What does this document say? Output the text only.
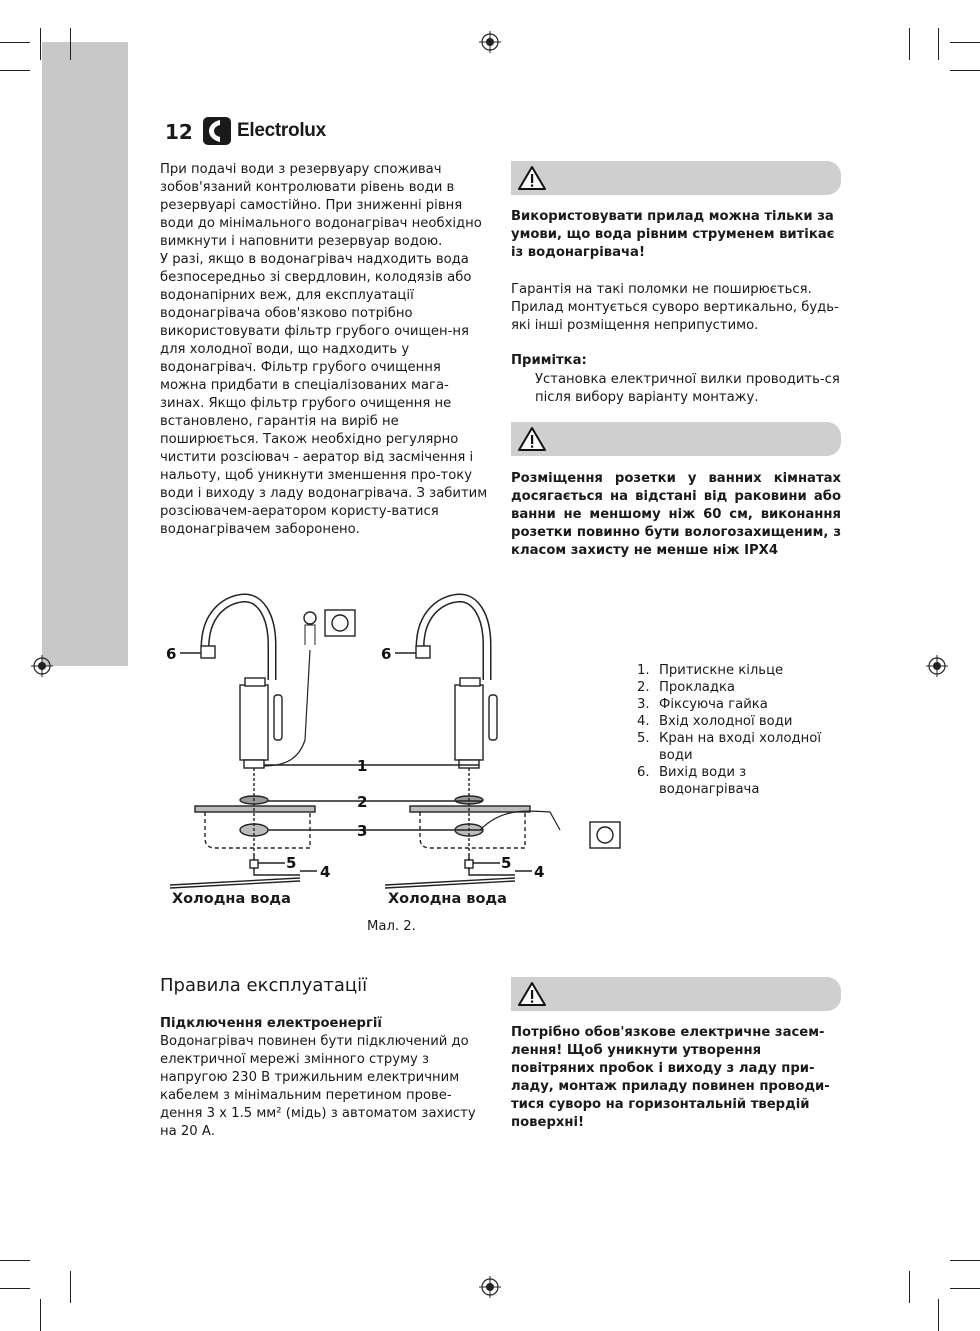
12 Electrolux

При подачі води з резервуару споживач зобов'язаний контролювати рівень води в резервуарі самостійно. При зниженні рівня води до мінімального водонагрівач необхідно вимкнути і наповнити резервуар водою.

У разі, якщо в водонагрівач надходить вода безпосередньо зі свердловин, колодязів або водонапірних веж, для експлуатації водонагрівача обов'язково потрібно використовувати фільтр грубого очищен-ня для холодної води, що надходить у водонагрівач. Фільтр грубого очищення можна придбати в спеціалізованих мага-зинах. Якщо фільтр грубого очищення не встановлено, гарантія на виріб не поширюється. Також необхідно регулярно чистити розсіювач - аератор від засмічення і нальоту, щоб уникнути зменшення про-току води і виходу з ладу водонагрівача. З забитим розсіювачем-аератором користу-ватися водонагрівачем заборонено.

Використовувати прилад можна тільки за умови, що вода рівним струменем витікає із водонагрівача!
Гарантія на такі поломки не поширюється. Прилад монтується суворо вертикально, будь-які інші розміщення неприпустимо.
Примітка:
Установка електричної вилки проводить-ся після вибору варіанту монтажу.
Розміщення розетки у ванних кімнатах досягається на відстані від раковини або ванни не меншому ніж 60 см, виконання розетки повинно бути вологозахищеним, з класом захисту не менше ніж IPX4
6	6
1
2
3
5	5
4	4
Холодна вода	Холодна вода
Мал. 2.
1. Притискне кільце
2. Прокладка
3. Фіксуюча гайка
4. Вхід холодної води
5. Кран на вході холодної води
6. Вихід води з водонагрівача
Правила експлуатації
Підключення електроенергії
Водонагрівач повинен бути підключений до електричної мережі змінного струму з напругою 230 В трижильним електричним кабелем з мінімальним перетином прове-дення 3 х 1.5 мм² (мідь) з автоматом захисту на 20 А.
Потрібно обов'язкове електричне засем-лення! Щоб уникнути утворення повітряних пробок і виходу з ладу при-ладу, монтаж приладу повинен проводи-тися суворо на горизонтальній твердій поверхні!
